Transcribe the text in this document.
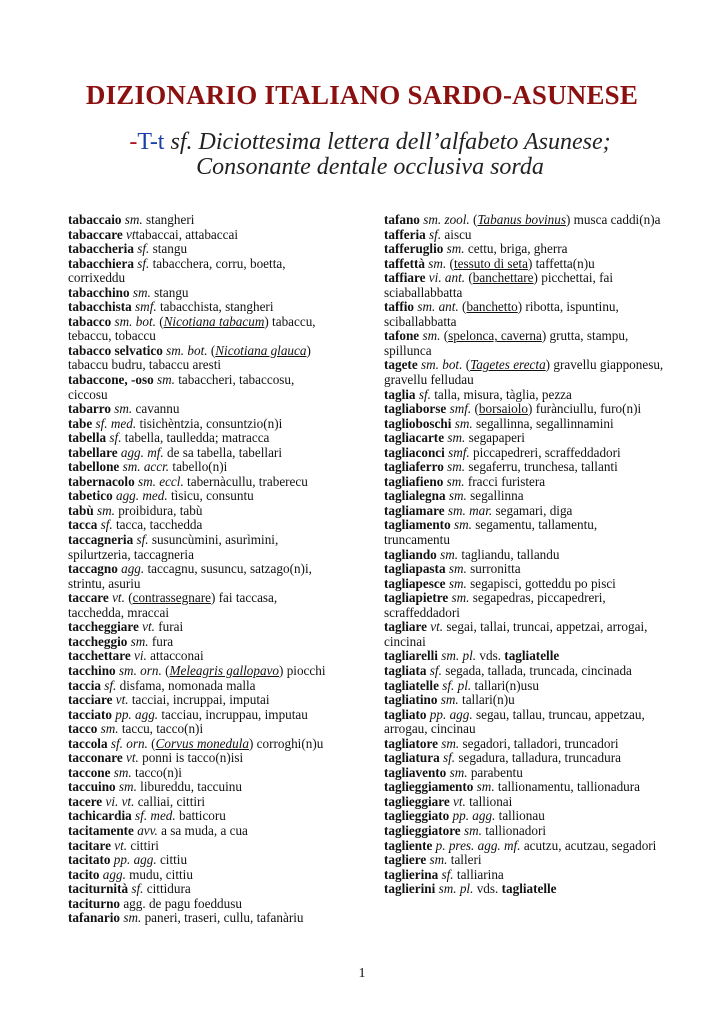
DIZIONARIO ITALIANO SARDO-ASUNESE
-T-t sf. Diciottesima lettera dell’alfabeto Asunese;
Consonante dentale occlusiva sorda

tabaccaio sm. stangheri

tabaccare vttabaccai, attabaccai

tabaccheria sf. stangu

tabacchiera sf. tabacchera, corru, boetta, corrixeddu

tabacchino sm. stangu

tabacchista smf. tabacchista, stangheri

tabacco sm. bot. (Nicotiana tabacum) tabaccu, tebaccu, tobaccu

tabacco selvatico sm. bot. (Nicotiana glauca) tabaccu budru, tabaccu aresti

tabaccone, -oso sm. tabaccheri, tabaccosu, ciccosu

tabarro sm. cavannu

tabe sf. med. tisichèntzia, consuntzio(n)i

tabella sf. tabella, taulledda; matracca

tabellare agg. mf. de sa tabella, tabellari

tabellone sm. accr. tabello(n)i

tabernacolo sm. eccl. tabernàcullu, traberecu

tabetico agg. med. tìsicu, consuntu

tabù sm. proibidura, tabù

tacca sf. tacca, tacchedda

taccagneria sf. susuncùmini, asurìmini, spilurtzeria, taccagneria

taccagno agg. taccagnu, susuncu, satzago(n)i, strintu, asuriu

taccare vt. (contrassegnare) fai taccasa, tacchedda, mraccai

taccheggiare vt. furai

taccheggio sm. fura

tacchettare vi. attacconai

tacchino sm. orn. (Meleagris gallopavo) piocchi

taccia sf. disfama, nomonada malla

tacciare vt. tacciai, incruppai, imputai

tacciato pp. agg. tacciau, incruppau, imputau

tacco sm. taccu, tacco(n)i

taccola sf. orn. (Corvus monedula) corroghi(n)u

tacconare vt. ponni is tacco(n)isi

taccone sm. tacco(n)i

taccuino sm. libureddu, taccuinu

tacere vi. vt. calliai, cittiri

tachicardia sf. med. batticoru

tacitamente avv. a sa muda, a cua

tacitare vt. cittiri

tacitato pp. agg. cittiu

tacito agg. mudu, cittiu

taciturnità sf. cittidura

taciturno agg. de pagu foeddusu

tafanario sm. paneri, traseri, cullu, tafanàriu

tafano sm. zool. (Tabanus bovinus) musca caddi(n)a

tafferia sf. aiscu

tafferuglio sm. cettu, briga, gherra

taffettà sm. (tessuto di seta) taffetta(n)u

taffiare vi. ant. (banchettare) picchettai, fai sciaballabbatta

taffio sm. ant. (banchetto) ribotta, ispuntinu, sciballabbatta

tafone sm. (spelonca, caverna) grutta, stampu, spillunca

tagete sm. bot. (Tagetes erecta) gravellu giapponesu, gravellu felludau

taglia sf. talla, misura, tàglia, pezza

tagliaborse smf. (borsaiolo) furànciullu, furo(n)i

taglioboschi sm. segallinna, segallinnamini

tagliacarte sm. segapaperi

tagliaconci smf. piccapedreri, scraffeddadori

tagliaferro sm. segaferru, trunchesa, tallanti

tagliafieno sm. fracci furistera

taglialegna sm. segallinna

tagliamare sm. mar. segamari, diga

tagliamento sm. segamentu, tallamentu, truncamentu

tagliando sm. tagliandu, tallandu

tagliapasta sm. surronitta

tagliapesce sm. segapisci, gotteddu po pisci

tagliapietre sm. segapedras, piccapedreri, scraffeddadori

tagliare vt. segai, tallai, truncai, appetzai, arrogai, cincinai

tagliarelli sm. pl. vds. tagliatelle

tagliata sf. segada, tallada, truncada, cincinada

tagliatelle sf. pl. tallari(n)usu

tagliatino sm. tallari(n)u

tagliato pp. agg. segau, tallau, truncau, appetzau, arrogau, cincinau

tagliatore sm. segadori, talladori, truncadori

tagliatura sf. segadura, talladura, truncadura

tagliavento sm. parabentu

taglieggiamento sm. tallionamentu, tallionadura

taglieggiare vt. tallionai

taglieggiato pp. agg. tallionau

taglieggiatore sm. tallionadori

tagliente p. pres. agg. mf. acutzu, acutzau, segadori

tagliere sm. talleri

taglierina sf. talliarina

taglierini sm. pl. vds. tagliatelle

1
